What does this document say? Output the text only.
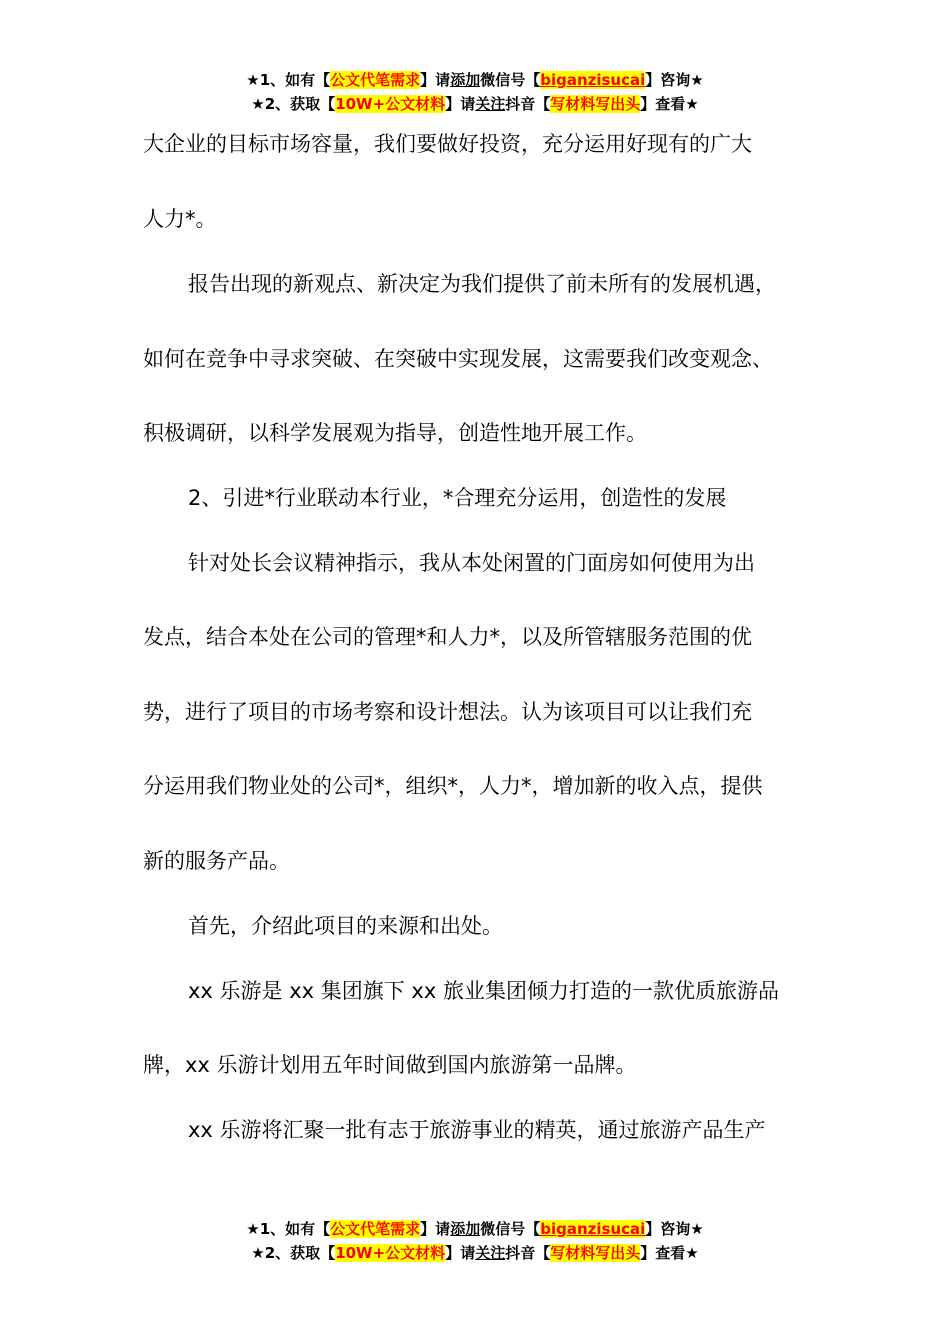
★1、如有【公文代笔需求】请添加微信号【biganzisucai】咨询★
★2、获取【10W+公文材料】请关注抖音【写材料写出头】查看★
大企业的目标市场容量，我们要做好投资，充分运用好现有的广大
人力*。
报告出现的新观点、新决定为我们提供了前未所有的发展机遇，
如何在竞争中寻求突破、在突破中实现发展，这需要我们改变观念、
积极调研，以科学发展观为指导，创造性地开展工作。
2、引进*行业联动本行业，*合理充分运用，创造性的发展
针对处长会议精神指示，我从本处闲置的门面房如何使用为出
发点，结合本处在公司的管理*和人力*，以及所管辖服务范围的优
势，进行了项目的市场考察和设计想法。认为该项目可以让我们充
分运用我们物业处的公司*，组织*，人力*，增加新的收入点，提供
新的服务产品。
首先，介绍此项目的来源和出处。
xx 乐游是 xx 集团旗下 xx 旅业集团倾力打造的一款优质旅游品
牌，xx 乐游计划用五年时间做到国内旅游第一品牌。
xx 乐游将汇聚一批有志于旅游事业的精英，通过旅游产品生产
★1、如有【公文代笔需求】请添加微信号【biganzisucai】咨询★
★2、获取【10W+公文材料】请关注抖音【写材料写出头】查看★
